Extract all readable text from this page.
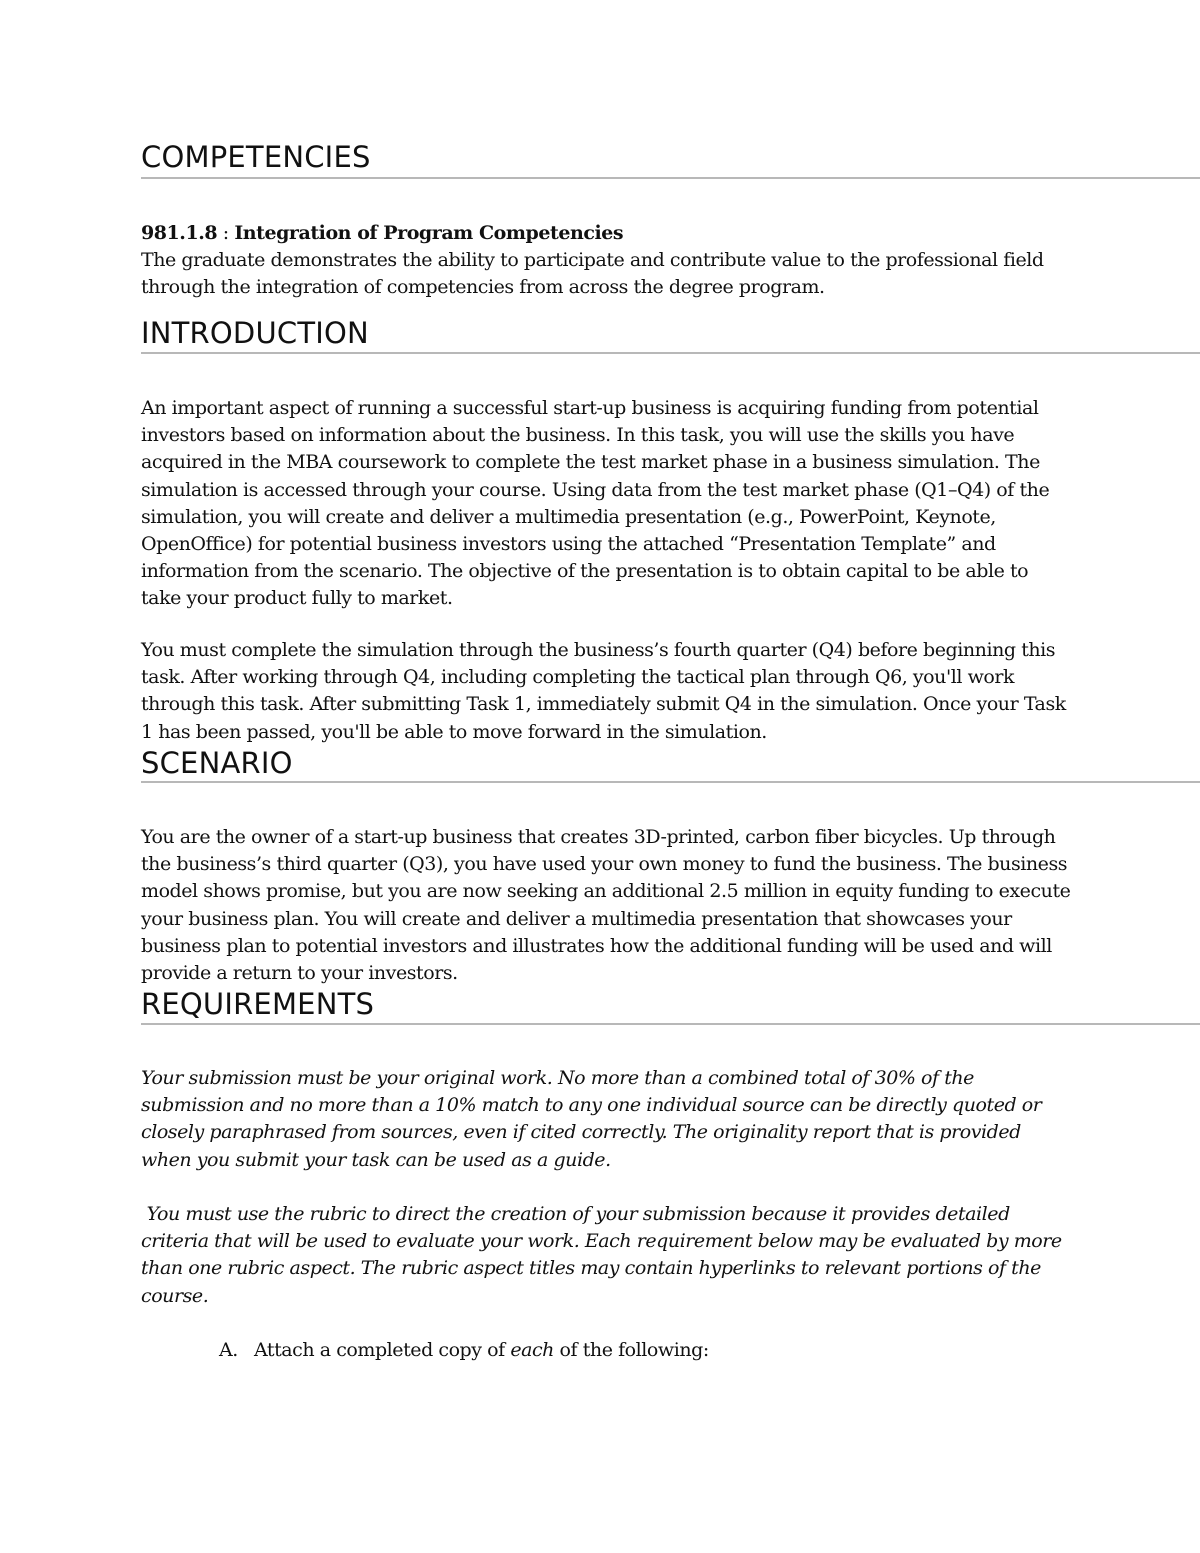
COMPETENCIES

981.1.8 : Integration of Program Competencies
The graduate demonstrates the ability to participate and contribute value to the professional field through the integration of competencies from across the degree program.

INTRODUCTION

An important aspect of running a successful start-up business is acquiring funding from potential investors based on information about the business. In this task, you will use the skills you have acquired in the MBA coursework to complete the test market phase in a business simulation. The simulation is accessed through your course. Using data from the test market phase (Q1–Q4) of the simulation, you will create and deliver a multimedia presentation (e.g., PowerPoint, Keynote, OpenOffice) for potential business investors using the attached “Presentation Template” and information from the scenario. The objective of the presentation is to obtain capital to be able to take your product fully to market.

You must complete the simulation through the business’s fourth quarter (Q4) before beginning this task. After working through Q4, including completing the tactical plan through Q6, you'll work through this task. After submitting Task 1, immediately submit Q4 in the simulation. Once your Task 1 has been passed, you'll be able to move forward in the simulation.

SCENARIO

You are the owner of a start-up business that creates 3D-printed, carbon fiber bicycles. Up through the business’s third quarter (Q3), you have used your own money to fund the business. The business model shows promise, but you are now seeking an additional 2.5 million in equity funding to execute your business plan. You will create and deliver a multimedia presentation that showcases your business plan to potential investors and illustrates how the additional funding will be used and will provide a return to your investors.

REQUIREMENTS

Your submission must be your original work. No more than a combined total of 30% of the submission and no more than a 10% match to any one individual source can be directly quoted or closely paraphrased from sources, even if cited correctly. The originality report that is provided when you submit your task can be used as a guide.

You must use the rubric to direct the creation of your submission because it provides detailed criteria that will be used to evaluate your work. Each requirement below may be evaluated by more than one rubric aspect. The rubric aspect titles may contain hyperlinks to relevant portions of the course.

A. Attach a completed copy of each of the following:
